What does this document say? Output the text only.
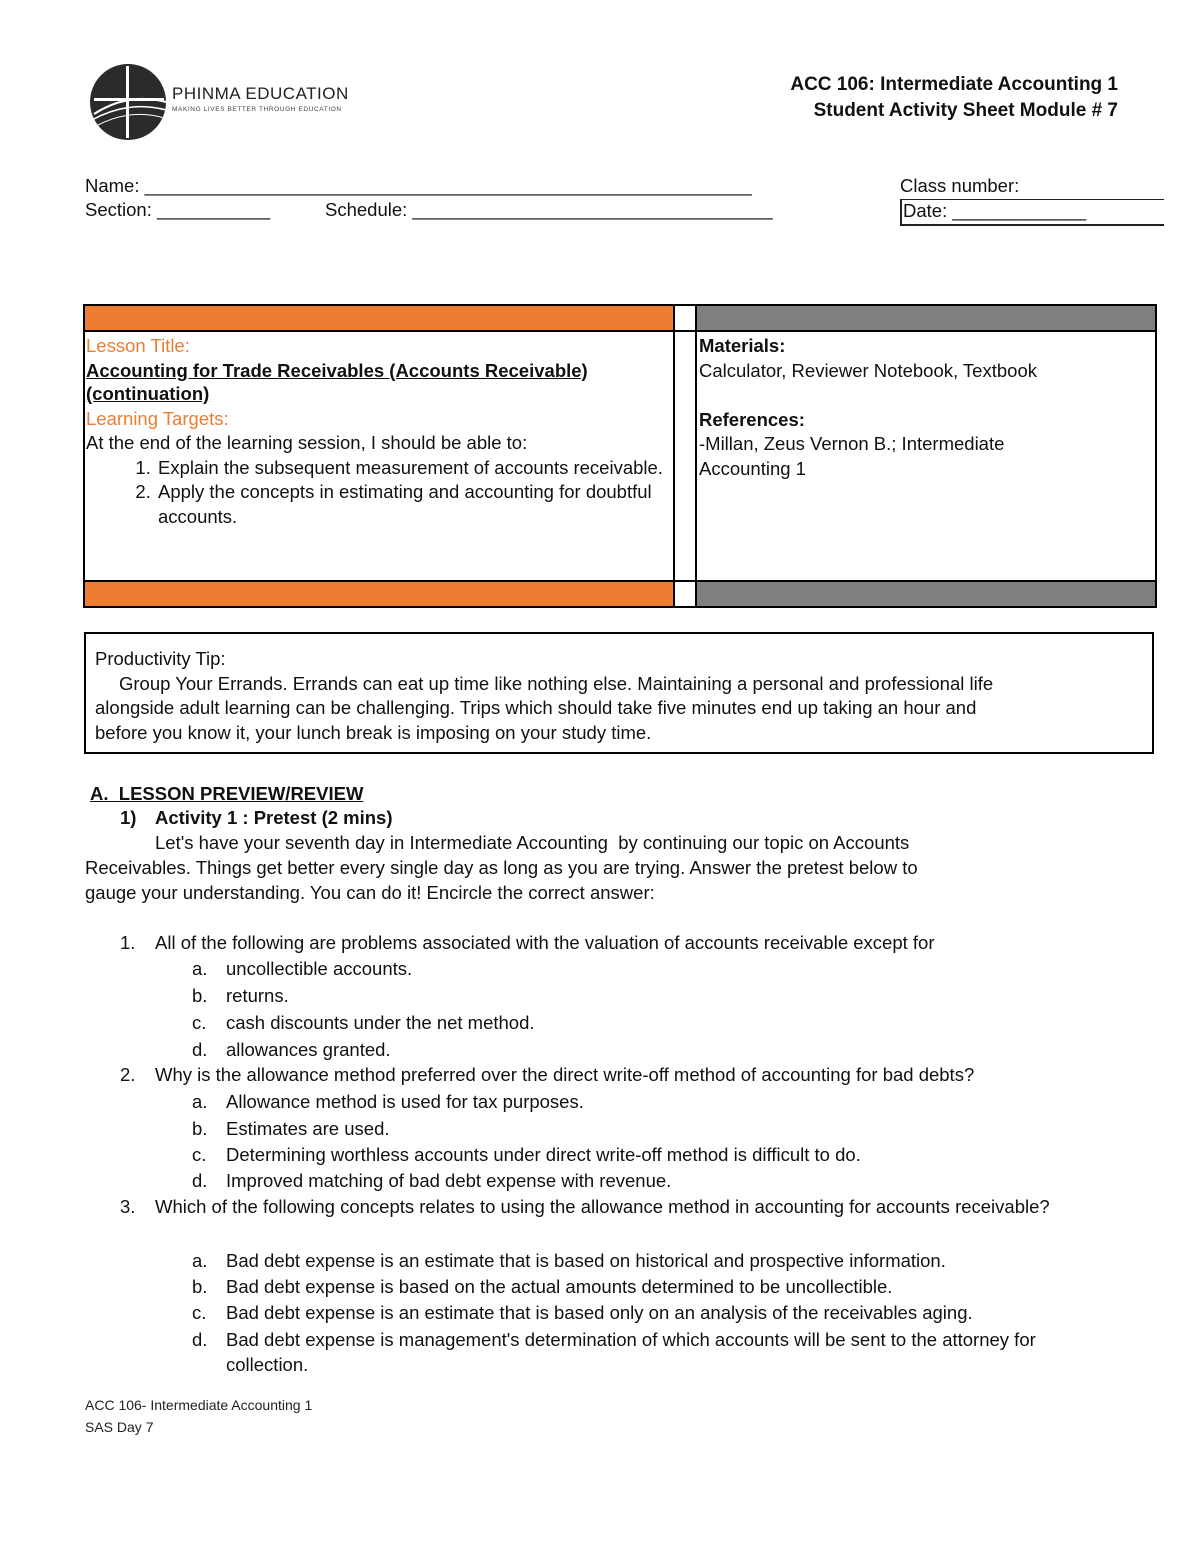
PHINMA EDUCATION
MAKING LIVES BETTER THROUGH EDUCATION
ACC 106: Intermediate Accounting 1
Student Activity Sheet Module # 7
Name: ___________________________________________________________
Section: ___________	Schedule: ___________________________________
Class number:
Date: _____________
Lesson Title:
Accounting for Trade Receivables (Accounts Receivable)
(continuation)
Learning Targets:
At the end of the learning session, I should be able to:
1. Explain the subsequent measurement of accounts receivable.
2. Apply the concepts in estimating and accounting for doubtful accounts.
Materials:
Calculator, Reviewer Notebook, Textbook
References:
-Millan, Zeus Vernon B.; Intermediate
Accounting 1
Productivity Tip:
Group Your Errands. Errands can eat up time like nothing else. Maintaining a personal and professional life
alongside adult learning can be challenging. Trips which should take five minutes end up taking an hour and
before you know it, your lunch break is imposing on your study time.
A.  LESSON PREVIEW/REVIEW
1) Activity 1 : Pretest (2 mins)
Let's have your seventh day in Intermediate Accounting  by continuing our topic on Accounts
Receivables. Things get better every single day as long as you are trying. Answer the pretest below to
gauge your understanding. You can do it! Encircle the correct answer:
1. All of the following are problems associated with the valuation of accounts receivable except for
a. uncollectible accounts.
b. returns.
c. cash discounts under the net method.
d. allowances granted.
2. Why is the allowance method preferred over the direct write-off method of accounting for bad debts?
a. Allowance method is used for tax purposes.
b. Estimates are used.
c. Determining worthless accounts under direct write-off method is difficult to do.
d. Improved matching of bad debt expense with revenue.
3. Which of the following concepts relates to using the allowance method in accounting for accounts receivable?
a. Bad debt expense is an estimate that is based on historical and prospective information.
b. Bad debt expense is based on the actual amounts determined to be uncollectible.
c. Bad debt expense is an estimate that is based only on an analysis of the receivables aging.
d. Bad debt expense is management's determination of which accounts will be sent to the attorney for collection.
ACC 106- Intermediate Accounting 1
SAS Day 7
